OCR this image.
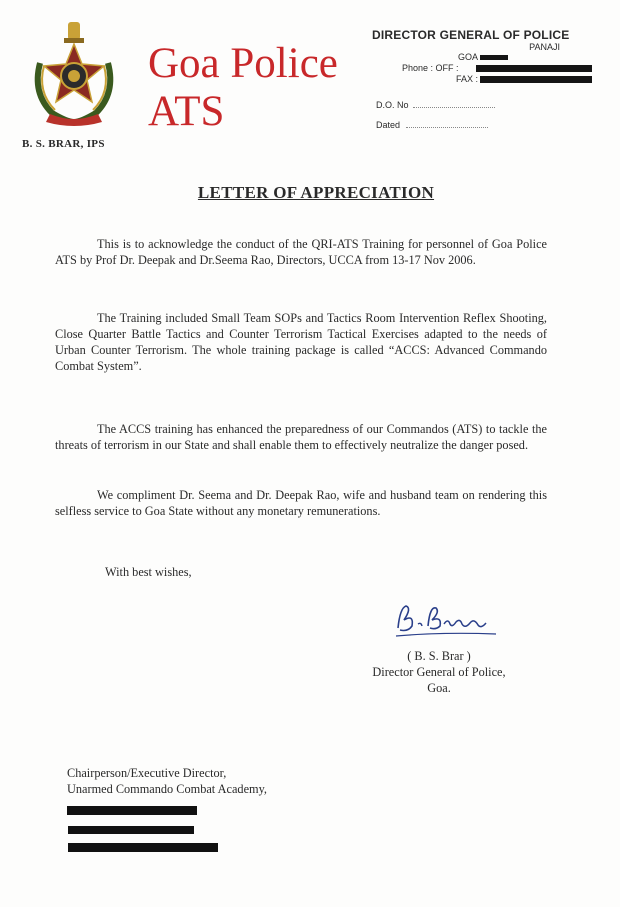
Goa Police
ATS
B. S. BRAR, IPS
DIRECTOR GENERAL OF POLICE
PANAJI
GOA
Phone : OFF :
FAX :
D.O. No
Dated
LETTER OF APPRECIATION
This is to acknowledge the conduct of the QRI-ATS Training for personnel of Goa Police ATS by Prof Dr. Deepak and Dr.Seema Rao, Directors, UCCA from 13-17 Nov 2006.
The Training included Small Team SOPs and Tactics Room Intervention Reflex Shooting, Close Quarter Battle Tactics and Counter Terrorism Tactical Exercises adapted to the needs of Urban Counter Terrorism. The whole training package is called “ACCS: Advanced Commando Combat System”.
The ACCS training has enhanced the preparedness of our Commandos (ATS) to tackle the threats of terrorism in our State and shall enable them to effectively neutralize the danger posed.
We compliment Dr. Seema and Dr. Deepak Rao, wife and husband team on rendering this selfless service to Goa State without any monetary remunerations.
With best wishes,
( B. S. Brar )
Director General of Police,
Goa.
Chairperson/Executive Director,
Unarmed Commando Combat Academy,
